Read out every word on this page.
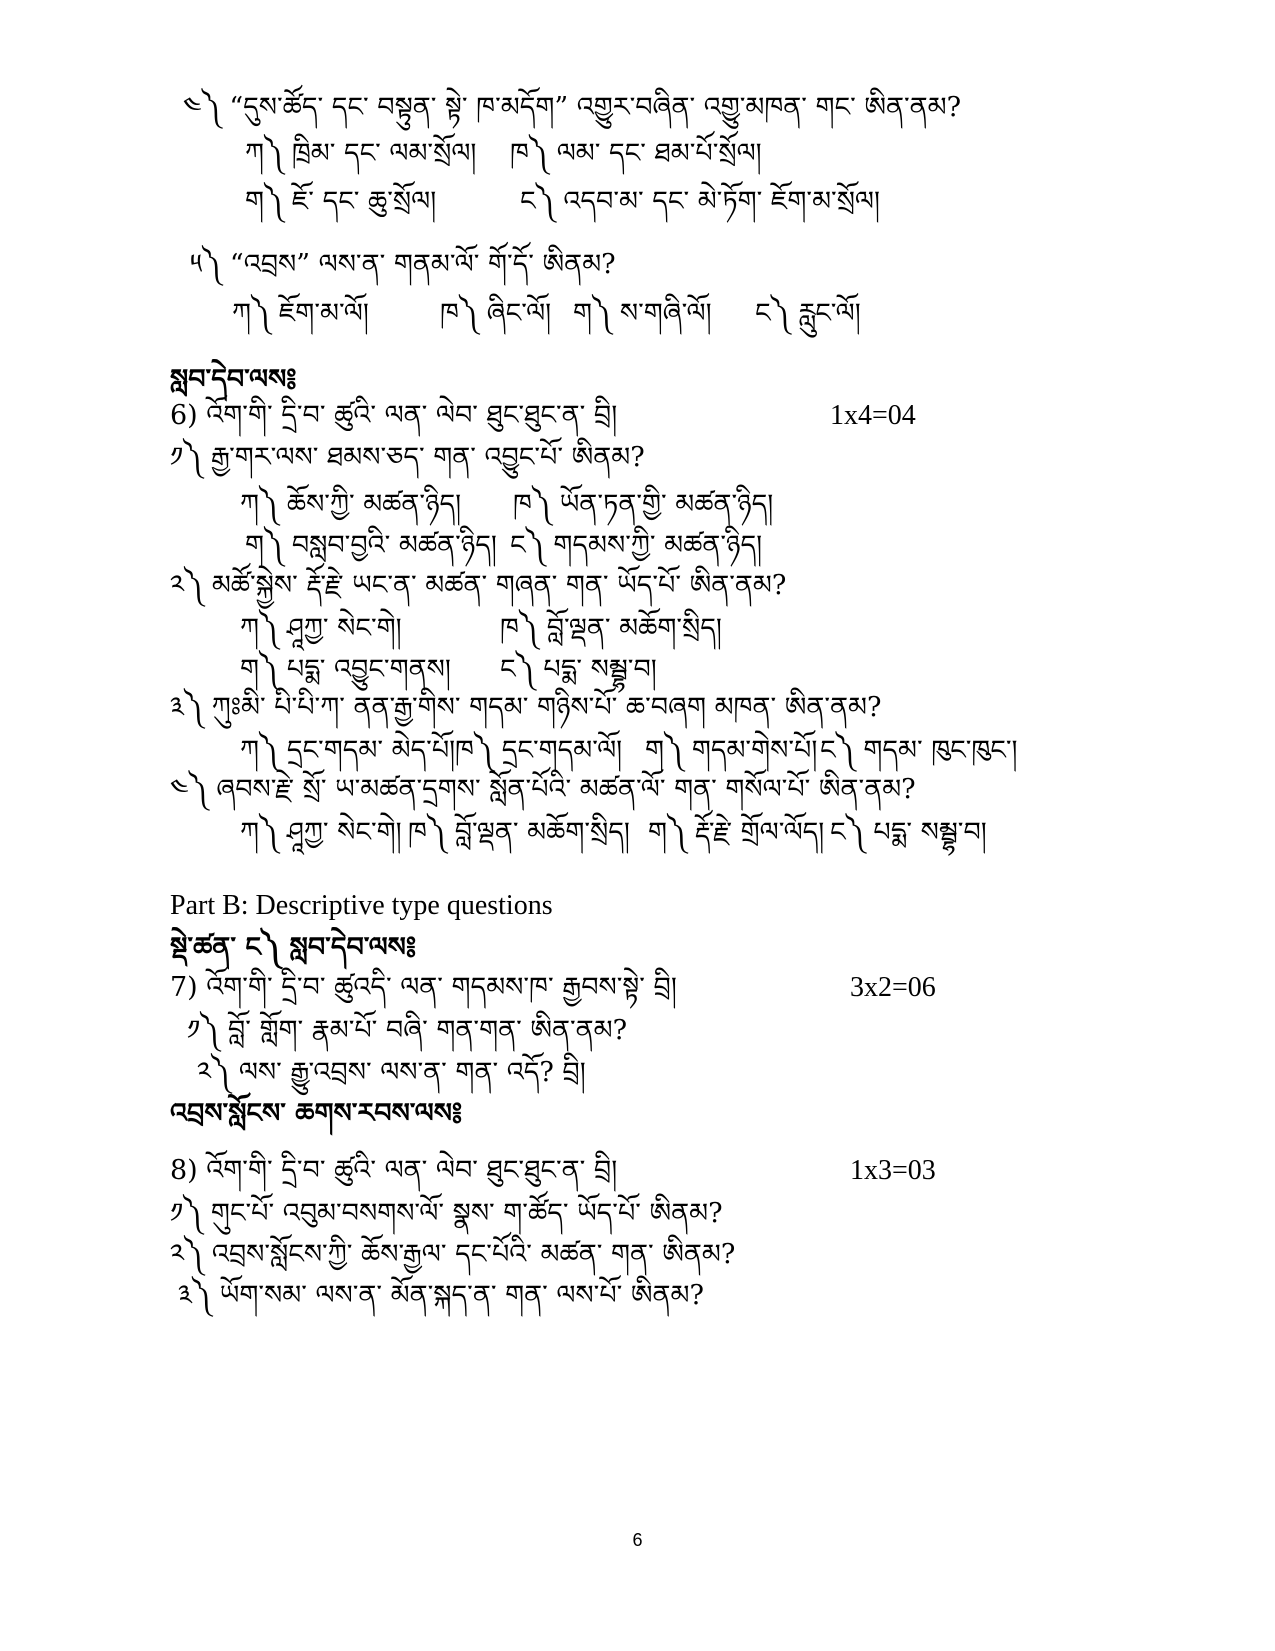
༤༽ “དུས་ཚོད་ དང་ བསྟུན་ སྟེ་ ཁ་མདོག” འགྱུར་བཞིན་ འགྱུ་མཁན་ གང་ ཨིན་ནམ?
ཀ༽ ཁྲིམ་ དང་ ལམ་སྲོལ། ཁ༽ ལམ་ དང་ ཐམ་པོ་སྲོལ།
ག༽ ཇོ་ དང་ ཆུ་སྲོལ།	ང༽ འདབ་མ་ དང་ མེ་ཏོག་ ཇོག་མ་སྲོལ།
༥༽ “འབྲས” ལས་ན་ གནམ་ལོ་ གོ་དོ་ ཨིནམ?
ཀ༽ ཇོག་མ་ལོ།	ཁ༽ ཞིང་ལོ། ག༽ ས་གཞི་ལོ། ང༽ རླུང་ལོ།
སླབ་དེབ་ལས༔
6) འོག་གི་ དྲི་བ་ ཚུའི་ ལན་ ལེབ་ ཐུང་ཐུང་ན་ བྲི།	1x4=04
༡༽ རྒྱ་གར་ལས་ ཐམས་ཅད་ གན་ འབྱུང་པོ་ ཨིནམ?
ཀ༽ ཆོས་ཀྱི་ མཚན་ཉིད། ཁ༽ ཡོན་ཏན་གྱི་ མཚན་ཉིད།
ག༽ བསླབ་བྱའི་ མཚན་ཉིད། ང༽ གདམས་ཀྱི་ མཚན་ཉིད།
༢༽ མཚོ་སྐྱེས་ རྡོ་རྗེ་ ཡང་ན་ མཚན་ གཞན་ གན་ ཡོད་པོ་ ཨིན་ནམ?
ཀ༽ ཤཱཀྱ་ སེང་གེ།	ཁ༽ བློ་ལྡན་ མཆོག་སྲིད།
ག༽ པདྨ་ འབྱུང་གནས། ང༽ པདྨ་ སམྦྷ་བ།
༣༽ ཀུཿམི་ པི་པི་ཀ་ ནན་རྒྱ་གིས་ གདམ་ གཉིས་པོ་ ཆ་བཞག མཁན་ ཨིན་ནམ?
ཀ༽ དྲང་གདམ་ མེད་པོ། ཁ༽ དྲང་གདམ་ལོ། ག༽ གདམ་གེས་པོ། ང༽ གདམ་ ཁུང་ཁུང་།
༤༽ ཞབས་རྗེ་ སྲོ་ ཡ་མཚན་དྲགས་ སློན་པོའི་ མཚན་ལོ་ གན་ གསོལ་པོ་ ཨིན་ནམ?
ཀ༽ ཤཱཀྱ་ སེང་གེ། ཁ༽ བློ་ལྡན་ མཆོག་སྲིད། ག༽ རྡོ་རྗེ་ གྲོལ་ལོད། ང༽ པདྨ་ སམྦྷ་བ།
Part B: Descriptive type questions
སྡེ་ཚན་ ང༽ སླབ་དེབ་ལས༔
7) འོག་གི་ དྲི་བ་ ཚུའདི་ ལན་ གདམས་ཁ་ རྒྱབས་སྟེ་ བྲི།	3x2=06
༡༽ བློ་ གློག་ རྣམ་པོ་ བཞི་ གན་གན་ ཨིན་ནམ?
༢༽ ལས་ རྒྱུ་འབྲས་ ལས་ན་ གན་ འདོ? བྲི།
འབྲས་སློངས་ ཆགས་རབས་ལས༔
8) འོག་གི་ དྲི་བ་ ཚུའི་ ལན་ ལེབ་ ཐུང་ཐུང་ན་ བྲི།	1x3=03
༡༽ གུང་པོ་ འབུམ་བསགས་ལོ་ སྣས་ ག་ཚོད་ ཡོད་པོ་ ཨིནམ?
༢༽ འབྲས་སློངས་ཀྱི་ ཆོས་རྒྱལ་ དང་པོའི་ མཚན་ གན་ ཨིནམ?
༣༽ ཡོག་སམ་ ལས་ན་ མོན་སྐད་ན་ གན་ ལས་པོ་ ཨིནམ?
6
